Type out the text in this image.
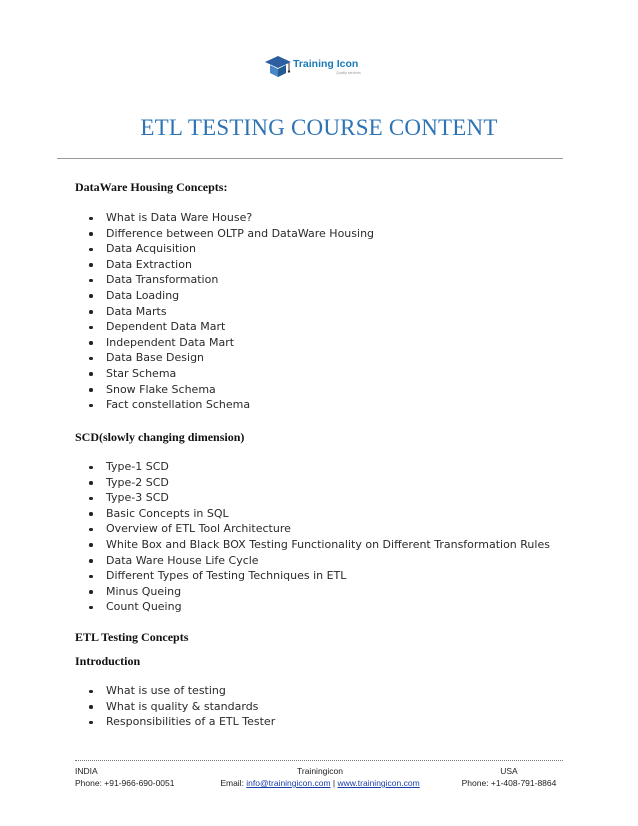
Training Icon
Quality services
ETL TESTING COURSE CONTENT
DataWare Housing Concepts:
What is Data Ware House?
Difference between OLTP and DataWare Housing
Data Acquisition
Data Extraction
Data Transformation
Data Loading
Data Marts
Dependent Data Mart
Independent Data Mart
Data Base Design
Star Schema
Snow Flake Schema
Fact constellation Schema
SCD(slowly changing dimension)
Type-1 SCD
Type-2 SCD
Type-3 SCD
Basic Concepts in SQL
Overview of ETL Tool Architecture
White Box and Black BOX Testing Functionality on Different Transformation Rules
Data Ware House Life Cycle
Different Types of Testing Techniques in ETL
Minus Queing
Count Queing
ETL Testing Concepts
Introduction
What is use of testing
What is quality & standards
Responsibilities of a ETL Tester
INDIA
Phone: +91-966-690-0051
Trainingicon
Email: info@trainingicon.com | www.trainingicon.com
USA
Phone: +1-408-791-8864
